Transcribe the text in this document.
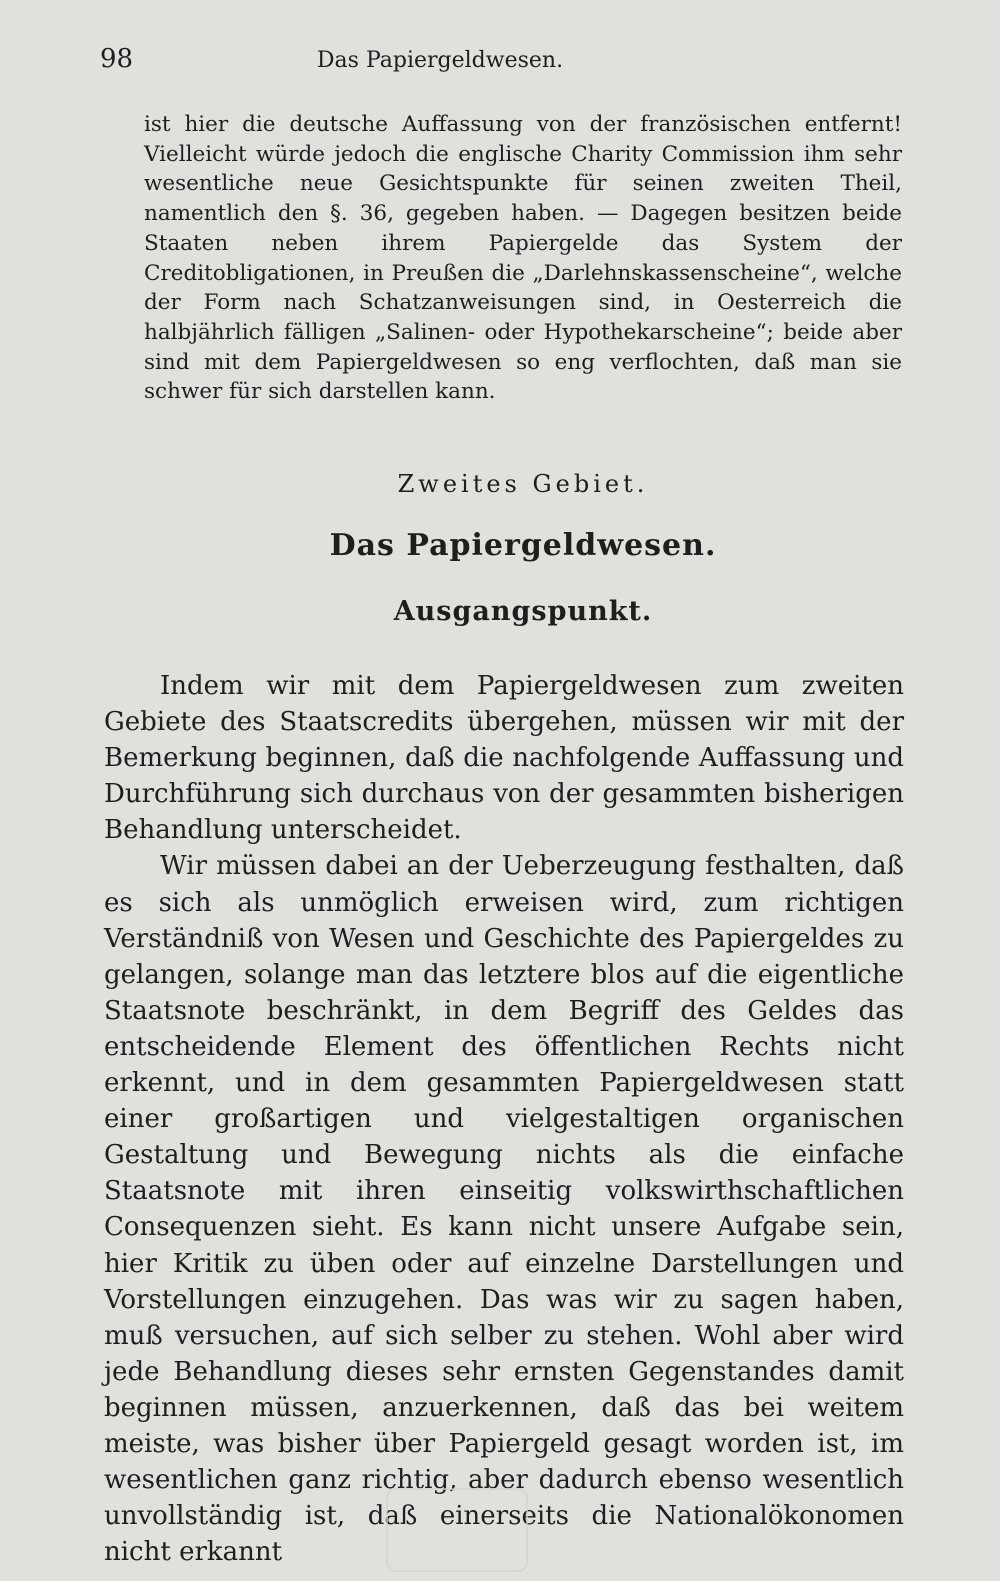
98	Das Papiergeldwesen.

ist hier die deutsche Auffassung von der französischen entfernt! Vielleicht würde jedoch die englische Charity Commission ihm sehr wesentliche neue Gesichtspunkte für seinen zweiten Theil, namentlich den §. 36, gegeben haben. — Dagegen besitzen beide Staaten neben ihrem Papiergelde das System der Creditobligationen, in Preußen die „Darlehnskassenscheine“, welche der Form nach Schatzanweisungen sind, in Oesterreich die halbjährlich fälligen „Salinen- oder Hypothekarscheine“; beide aber sind mit dem Papiergeldwesen so eng verflochten, daß man sie schwer für sich darstellen kann.

Zweites Gebiet.
Das Papiergeldwesen.
Ausgangspunkt.

Indem wir mit dem Papiergeldwesen zum zweiten Gebiete des Staatscredits übergehen, müssen wir mit der Bemerkung beginnen, daß die nachfolgende Auffassung und Durchführung sich durchaus von der gesammten bisherigen Behandlung unterscheidet.

Wir müssen dabei an der Ueberzeugung festhalten, daß es sich als unmöglich erweisen wird, zum richtigen Verständniß von Wesen und Geschichte des Papiergeldes zu gelangen, solange man das letztere blos auf die eigentliche Staatsnote beschränkt, in dem Begriff des Geldes das entscheidende Element des öffentlichen Rechts nicht erkennt, und in dem gesammten Papiergeldwesen statt einer großartigen und vielgestaltigen organischen Gestaltung und Bewegung nichts als die einfache Staatsnote mit ihren einseitig volkswirthschaftlichen Consequenzen sieht. Es kann nicht unsere Aufgabe sein, hier Kritik zu üben oder auf einzelne Darstellungen und Vorstellungen einzugehen. Das was wir zu sagen haben, muß versuchen, auf sich selber zu stehen. Wohl aber wird jede Behandlung dieses sehr ernsten Gegenstandes damit beginnen müssen, anzuerkennen, daß das bei weitem meiste, was bisher über Papiergeld gesagt worden ist, im wesentlichen ganz richtig, aber dadurch ebenso wesentlich unvollständig ist, daß einerseits die Nationalökonomen nicht erkannt
